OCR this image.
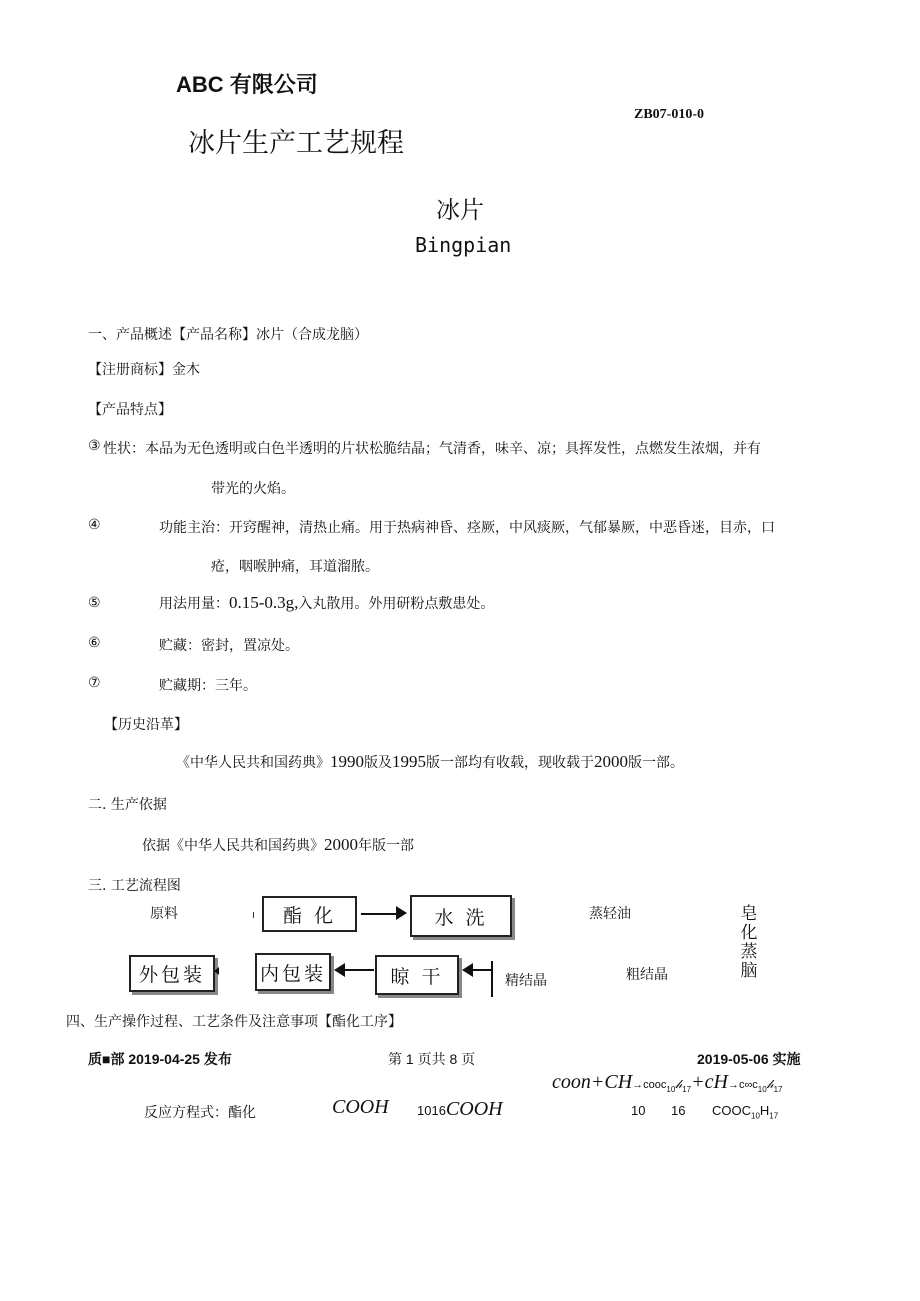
ABC 有限公司
冰片生产工艺规程
ZB07-010-0
冰片
Bingpian
一、产品概述【产品名称】冰片（合成龙脑）
【注册商标】金木
【产品特点】
③ 性状：本品为无色透明或白色半透明的片状松脆结晶；气清香，味辛、凉；具挥发性，点燃发生浓烟，并有
带光的火焰。
④	功能主治：开窍醒神，清热止痛。用于热病神昏、痉厥，中风痰厥，气郁暴厥，中恶昏迷，目赤，口
疮，咽喉肿痛，耳道溜脓。
⑤	用法用量：0.15-0.3g,入丸散用。外用研粉点敷患处。
⑥	贮藏：密封，置凉处。
⑦	贮藏期：三年。
【历史沿革】
《中华人民共和国药典》1990版及1995版一部均有收载，现收载于2000版一部。
二. 生产依据
依据《中华人民共和国药典》2000年版一部
三. 工艺流程图
原料	酯 化	水 洗	蒸轻油	皂
化
蒸
脑
外包装	内包装	晾 干	精结晶	粗结晶
四、生产操作过程、工艺条件及注意事项【酯化工序】
质■部 2019-04-25 发布	第 1 页共 8 页	2019-05-06 实施
$coon+CH\to cooc_{10}𝒽_{17}+cH\to c\infty c_{10}𝒽_{17}$
反应方程式：酯化	COOH 1016COOH	10 16 $COOC_{10}H_{17}$
